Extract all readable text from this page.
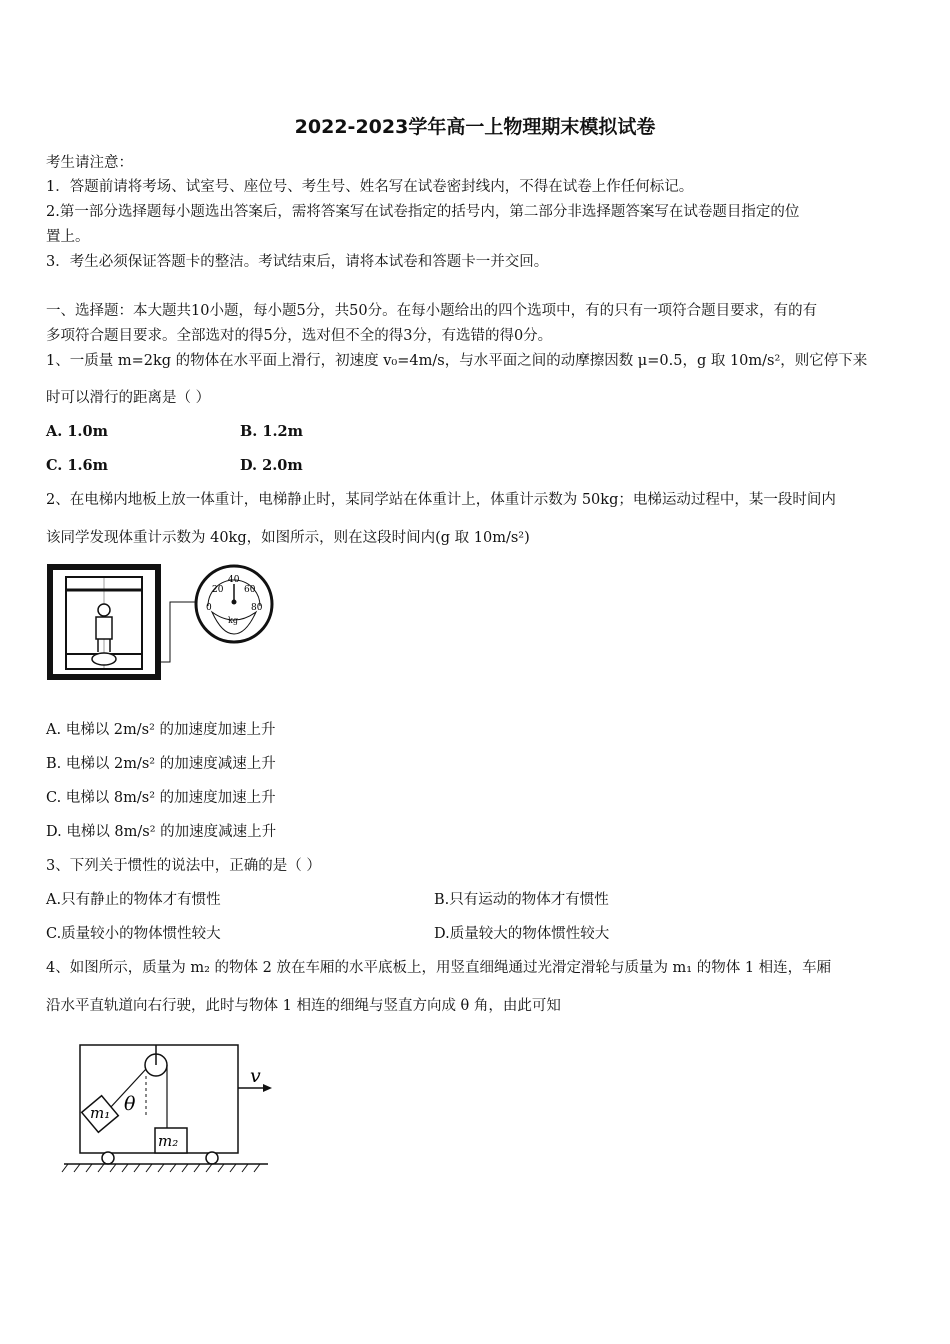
2022-2023学年高一上物理期末模拟试卷
考生请注意：
1．答题前请将考场、试室号、座位号、考生号、姓名写在试卷密封线内，不得在试卷上作任何标记。
2.第一部分选择题每小题选出答案后，需将答案写在试卷指定的括号内，第二部分非选择题答案写在试卷题目指定的位
置上。
3．考生必须保证答题卡的整洁。考试结束后，请将本试卷和答题卡一并交回。
一、选择题：本大题共10小题，每小题5分，共50分。在每小题给出的四个选项中，有的只有一项符合题目要求，有的有
多项符合题目要求。全部选对的得5分，选对但不全的得3分，有选错的得0分。
1、一质量 m=2kg 的物体在水平面上滑行，初速度 v₀=4m/s，与水平面之间的动摩擦因数 μ=0.5，g 取 10m/s²，则它停下来
时可以滑行的距离是（ ）
A. 1.0m	B. 1.2m
C. 1.6m	D. 2.0m
2、在电梯内地板上放一体重计，电梯静止时，某同学站在体重计上，体重计示数为 50kg；电梯运动过程中，某一段时间内
该同学发现体重计示数为 40kg，如图所示，则在这段时间内(g 取 10m/s²)
0
20
40
60
80
kg
A. 电梯以 2m/s² 的加速度加速上升
B. 电梯以 2m/s² 的加速度减速上升
C. 电梯以 8m/s² 的加速度加速上升
D. 电梯以 8m/s² 的加速度减速上升
3、下列关于惯性的说法中，正确的是（ ）
A.只有静止的物体才有惯性	B.只有运动的物体才有惯性
C.质量较小的物体惯性较大	D.质量较大的物体惯性较大
4、如图所示，质量为 m₂ 的物体 2 放在车厢的水平底板上，用竖直细绳通过光滑定滑轮与质量为 m₁ 的物体 1 相连，车厢
沿水平直轨道向右行驶，此时与物体 1 相连的细绳与竖直方向成 θ 角，由此可知
m₁ θ
m₂
v
